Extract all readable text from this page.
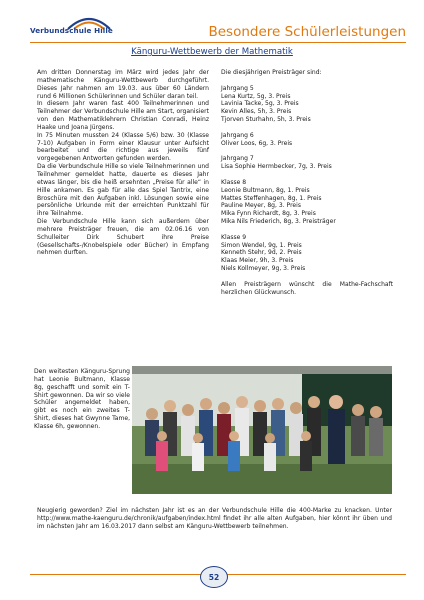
Verbundschule Hille	Besondere Schülerleistungen
Känguru-Wettbewerb der Mathematik

Am dritten Donnerstag im März wird jedes Jahr der mathematische Känguru-Wettbewerb durchgeführt. Dieses Jahr nahmen am 19.03. aus über 60 Ländern rund 6 Millionen Schülerinnen und Schüler daran teil.

In diesem Jahr waren fast 400 Teilnehmerinnen und Teilnehmer der Verbundschule Hille am Start, organisiert von den Mathematiklehrern Christian Conradi, Heinz Haake und Joana Jürgens.

In 75 Minuten mussten 24 (Klasse 5/6) bzw. 30 (Klasse 7-10) Aufgaben in Form einer Klausur unter Aufsicht bearbeitet und die richtige aus jeweils fünf vorgegebenen Antworten gefunden werden.

Da die Verbundschule Hille so viele Teilnehmerinnen und Teilnehmer gemeldet hatte, dauerte es dieses Jahr etwas länger, bis die heiß ersehnten „Preise für alle“ in Hille ankamen. Es gab für alle das Spiel Tantrix, eine Broschüre mit den Aufgaben inkl. Lösungen sowie eine persönliche Urkunde mit der erreichten Punktzahl für ihre Teilnahme.

Die Verbundschule Hille kann sich außerdem über mehrere Preisträger freuen, die am 02.06.16 von Schulleiter Dirk Schubert ihre Preise (Gesellschafts-/Knobelspiele oder Bücher) in Empfang nehmen durften.

Die diesjährigen Preisträger sind:

Jahrgang 5

Lena Kurtz, 5g, 3. Preis

Lavinia Tacke, 5g, 3. Preis

Kevin Alles, 5h, 3. Preis

Tjorven Sturhahn, 5h, 3. Preis

Jahrgang 6

Oliver Loos, 6g, 3. Preis

Jahrgang 7

Lisa Sophie Hermbecker, 7g, 3. Preis

Klasse 8

Leonie Bultmann, 8g, 1. Preis

Mattes Steffenhagen, 8g, 1. Preis

Pauline Meyer, 8g, 3. Preis

Mika Fynn Richardt, 8g, 3. Preis

Mika Nils Friederich, 8g, 3. Preisträger

Klasse 9

Simon Wendel, 9g, 1. Preis

Kenneth Stehr, 9d, 2. Preis

Klaas Meier, 9h, 3. Preis

Niels Kollmeyer, 9g, 3. Preis

Allen Preisträgern wünscht die Mathe-Fachschaft herzlichen Glückwunsch.

Den weitesten Känguru-Sprung hat Leonie Bultmann, Klasse 8g, geschafft und somit ein T-Shirt gewonnen. Da wir so viele Schüler angemeldet haben, gibt es noch ein zweites T-Shirt, dieses hat Gwynne Tame, Klasse 6h, gewonnen.

Neugierig geworden? Ziel im nächsten Jahr ist es an der Verbundschule Hille die 400-Marke zu knacken. Unter http://www.mathe-kaenguru.de/chronik/aufgaben/index.html findet ihr alle alten Aufgaben, hier könnt ihr üben und im nächsten Jahr am 16.03.2017 dann selbst am Känguru-Wettbewerb teilnehmen.

52
